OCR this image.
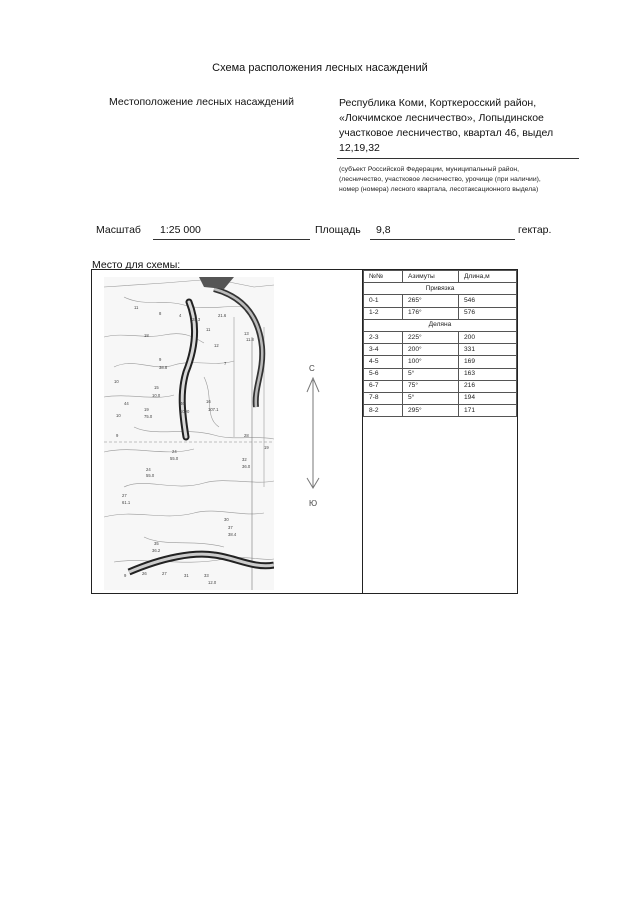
Схема расположения лесных насаждений
Местоположение лесных насаждений	Республика Коми, Корткеросский район,
«Локчимское лесничество», Лопыдинское
участковое лесничество, квартал 46, выдел
12,19,32
(субъект Российской Федерации, муниципальный район,
(лесничество, участковое лесничество, урочище (при наличии),
номер (номера) лесного квартала, лесотаксационного выдела)
Масштаб 1:25 000	Площадь 9,8	гектар.
Место для схемы:
№№	Азимуты	Длина,м
Привязка		
0-1	265°	546
1-2	176°	576
Деляна		
2-3	225°	200
3-4	200°	331
4-5	100°	169
5-6	5°	163
6-7	75°	216
7-8	5°	194
8-2	295°	171
11
8	4
28.3
21.6
13
11.8
11
12
7
18
10
9
38.8
10
44
15
10.0
46
1000
16
107.1
19
75.0
9
24
55.0
28
32
36.0
19
24
55.0
27
61.1
35
36.2
30
37
38.4
26	27	31	33
12.0
9
С
Ю
